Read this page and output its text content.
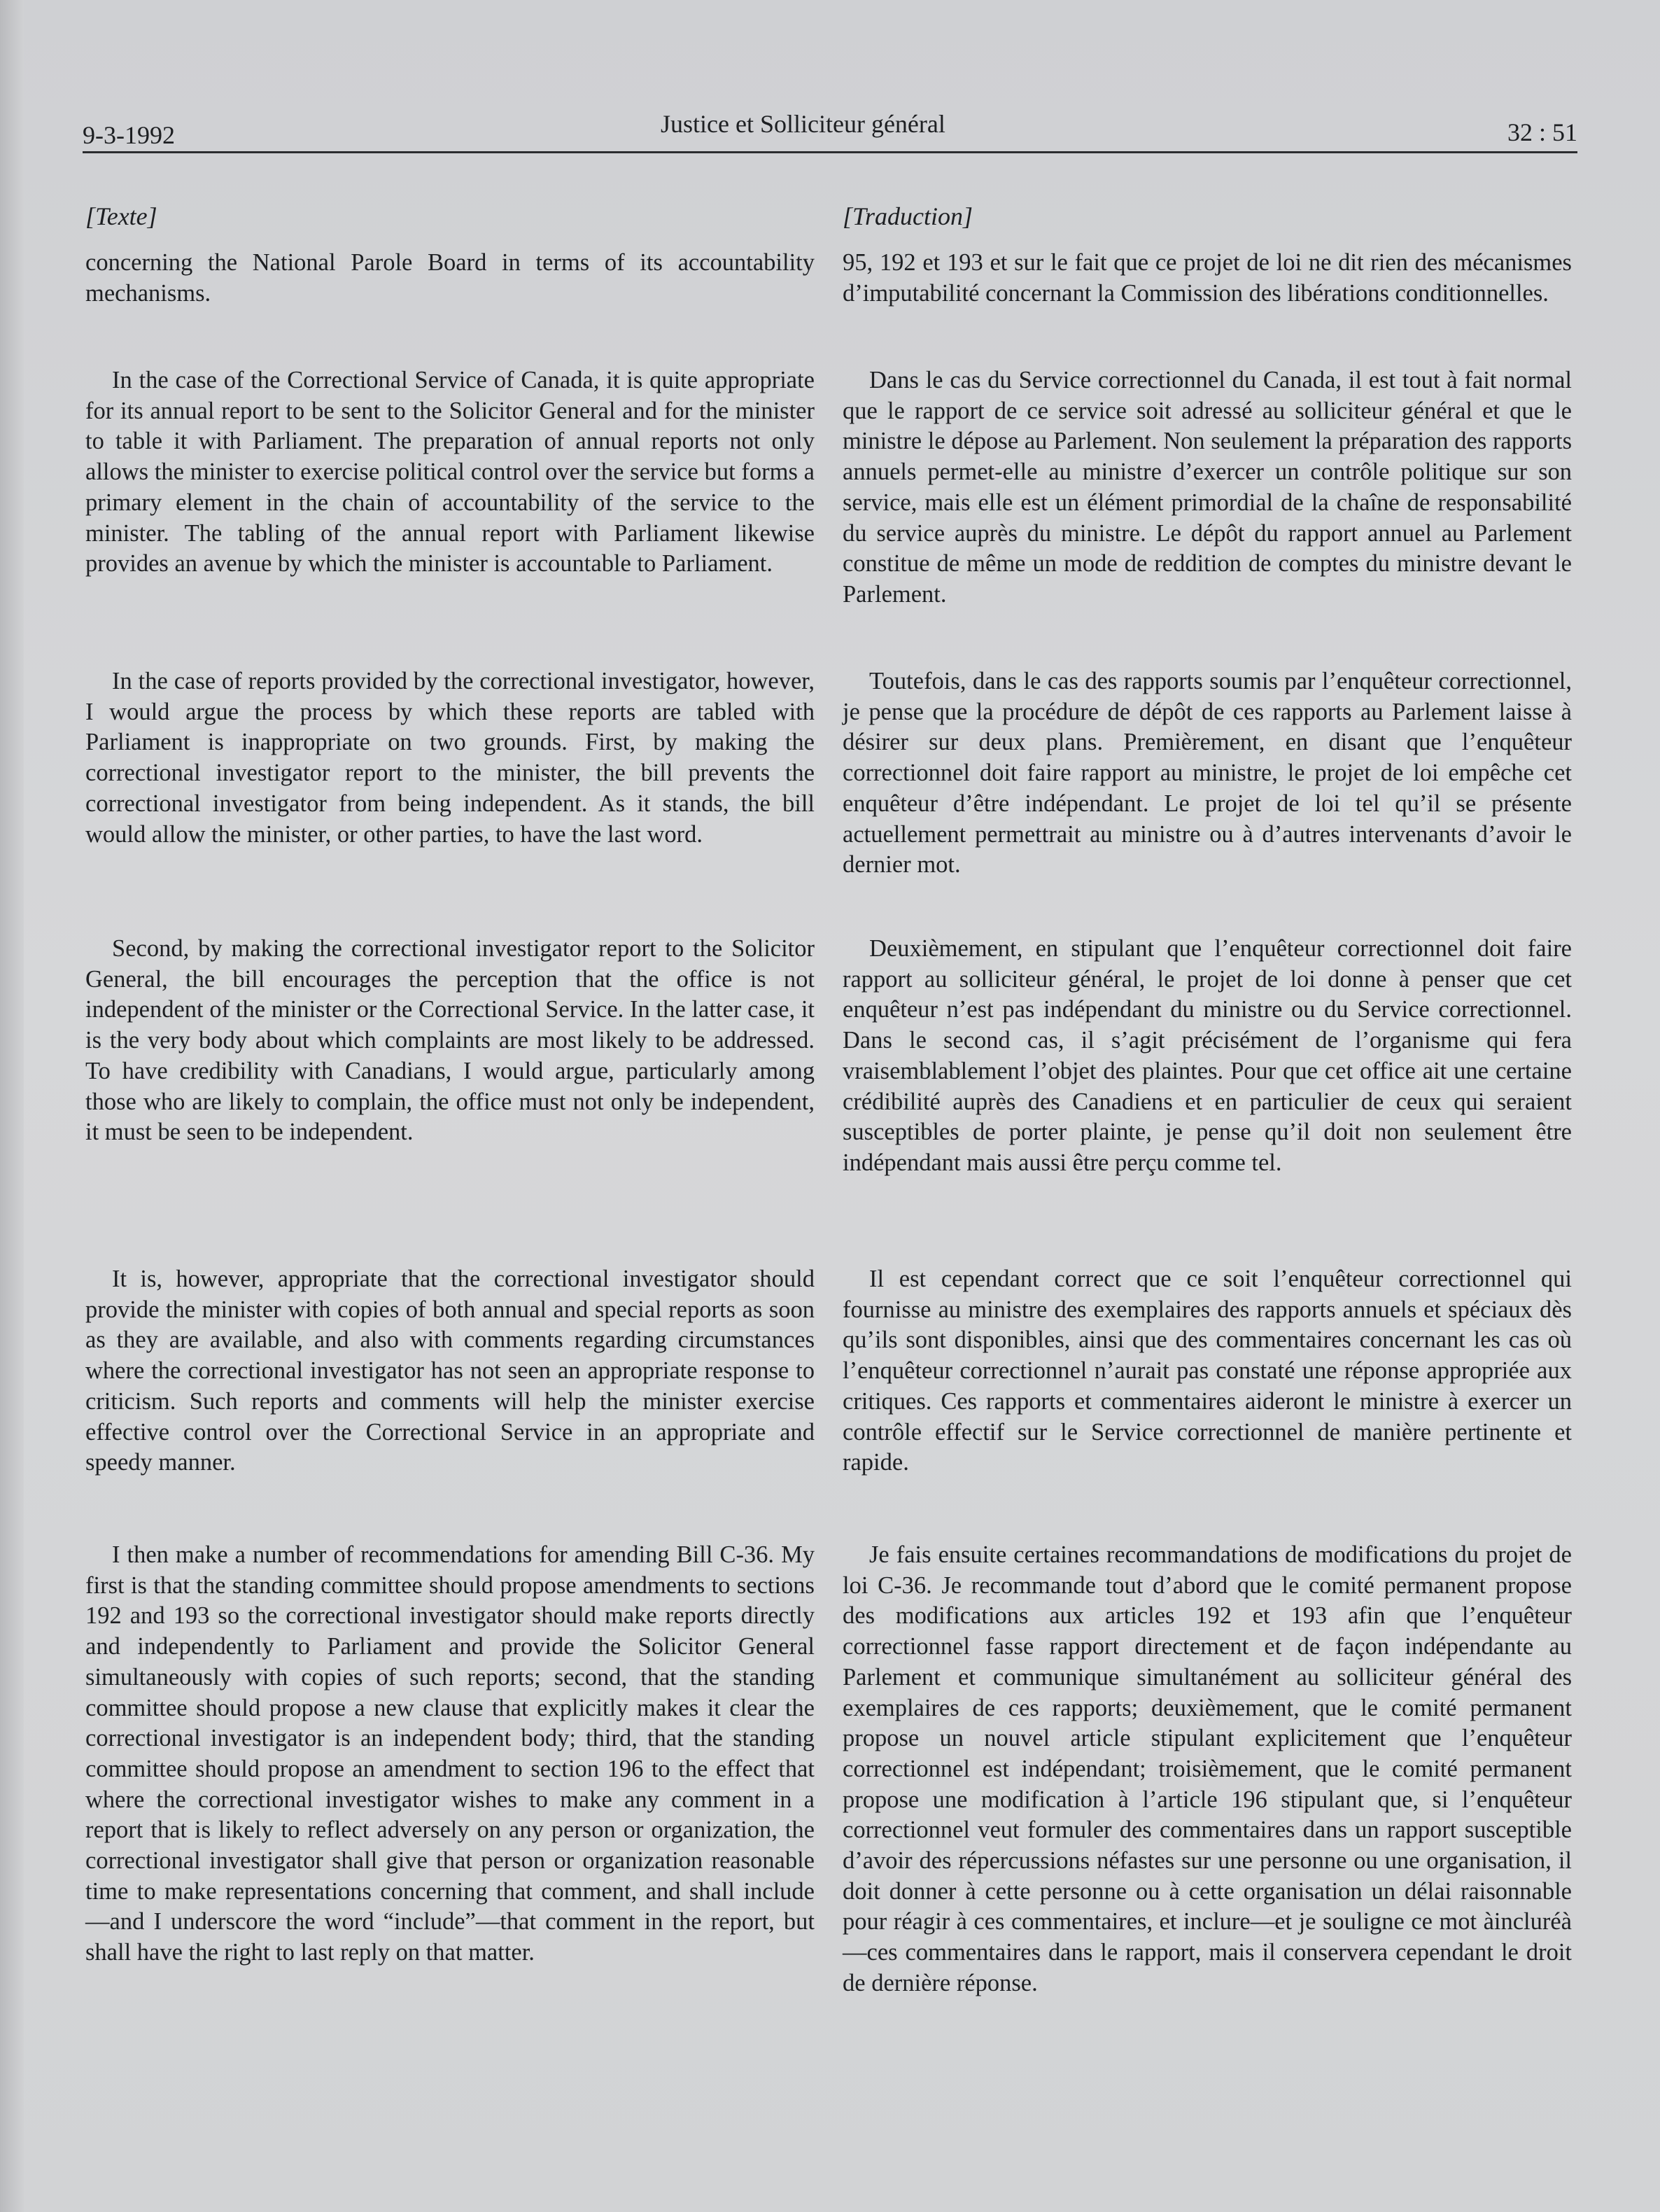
9-3-1992	Justice et Solliciteur général	32 : 51
[Texte]

concerning the National Parole Board in terms of its accountability mechanisms.

In the case of the Correctional Service of Canada, it is quite appropriate for its annual report to be sent to the Solicitor General and for the minister to table it with Parliament. The preparation of annual reports not only allows the minister to exercise political control over the service but forms a primary element in the chain of accountability of the service to the minister. The tabling of the annual report with Parliament likewise provides an avenue by which the minister is accountable to Parliament.

In the case of reports provided by the correctional investigator, however, I would argue the process by which these reports are tabled with Parliament is inappropriate on two grounds. First, by making the correctional investigator report to the minister, the bill prevents the correctional investigator from being independent. As it stands, the bill would allow the minister, or other parties, to have the last word.

Second, by making the correctional investigator report to the Solicitor General, the bill encourages the perception that the office is not independent of the minister or the Correctional Service. In the latter case, it is the very body about which complaints are most likely to be addressed. To have credibility with Canadians, I would argue, particularly among those who are likely to complain, the office must not only be independent, it must be seen to be independent.

It is, however, appropriate that the correctional investigator should provide the minister with copies of both annual and special reports as soon as they are available, and also with comments regarding circumstances where the correctional investigator has not seen an appropriate response to criticism. Such reports and comments will help the minister exercise effective control over the Correctional Service in an appropriate and speedy manner.

I then make a number of recommendations for amending Bill C-36. My first is that the standing committee should propose amendments to sections 192 and 193 so the correctional investigator should make reports directly and independently to Parliament and provide the Solicitor General simultaneously with copies of such reports; second, that the standing committee should propose a new clause that explicitly makes it clear the correctional investigator is an independent body; third, that the standing committee should propose an amendment to section 196 to the effect that where the correctional investigator wishes to make any comment in a report that is likely to reflect adversely on any person or organization, the correctional investigator shall give that person or organization reasonable time to make representations concerning that comment, and shall include—and I underscore the word “include”—that comment in the report, but shall have the right to last reply on that matter.

[Traduction]

95, 192 et 193 et sur le fait que ce projet de loi ne dit rien des mécanismes d’imputabilité concernant la Commission des libérations conditionnelles.

Dans le cas du Service correctionnel du Canada, il est tout à fait normal que le rapport de ce service soit adressé au solliciteur général et que le ministre le dépose au Parlement. Non seulement la préparation des rapports annuels permet-elle au ministre d’exercer un contrôle politique sur son service, mais elle est un élément primordial de la chaîne de responsabilité du service auprès du ministre. Le dépôt du rapport annuel au Parlement constitue de même un mode de reddition de comptes du ministre devant le Parlement.

Toutefois, dans le cas des rapports soumis par l’enquêteur correctionnel, je pense que la procédure de dépôt de ces rapports au Parlement laisse à désirer sur deux plans. Premièrement, en disant que l’enquêteur correctionnel doit faire rapport au ministre, le projet de loi empêche cet enquêteur d’être indépendant. Le projet de loi tel qu’il se présente actuellement permettrait au ministre ou à d’autres intervenants d’avoir le dernier mot.

Deuxièmement, en stipulant que l’enquêteur correctionnel doit faire rapport au solliciteur général, le projet de loi donne à penser que cet enquêteur n’est pas indépendant du ministre ou du Service correctionnel. Dans le second cas, il s’agit précisément de l’organisme qui fera vraisemblablement l’objet des plaintes. Pour que cet office ait une certaine crédibilité auprès des Canadiens et en particulier de ceux qui seraient susceptibles de porter plainte, je pense qu’il doit non seulement être indépendant mais aussi être perçu comme tel.

Il est cependant correct que ce soit l’enquêteur correctionnel qui fournisse au ministre des exemplaires des rapports annuels et spéciaux dès qu’ils sont disponibles, ainsi que des commentaires concernant les cas où l’enquêteur correctionnel n’aurait pas constaté une réponse appropriée aux critiques. Ces rapports et commentaires aideront le ministre à exercer un contrôle effectif sur le Service correctionnel de manière pertinente et rapide.

Je fais ensuite certaines recommandations de modifications du projet de loi C-36. Je recommande tout d’abord que le comité permanent propose des modifications aux articles 192 et 193 afin que l’enquêteur correctionnel fasse rapport directement et de façon indépendante au Parlement et communique simultanément au solliciteur général des exemplaires de ces rapports; deuxièmement, que le comité permanent propose un nouvel article stipulant explicitement que l’enquêteur correctionnel est indépendant; troisièmement, que le comité permanent propose une modification à l’article 196 stipulant que, si l’enquêteur correctionnel veut formuler des commentaires dans un rapport susceptible d’avoir des répercussions néfastes sur une personne ou une organisation, il doit donner à cette personne ou à cette organisation un délai raisonnable pour réagir à ces commentaires, et inclure—et je souligne ce mot àincluréà—ces commentaires dans le rapport, mais il conservera cependant le droit de dernière réponse.
